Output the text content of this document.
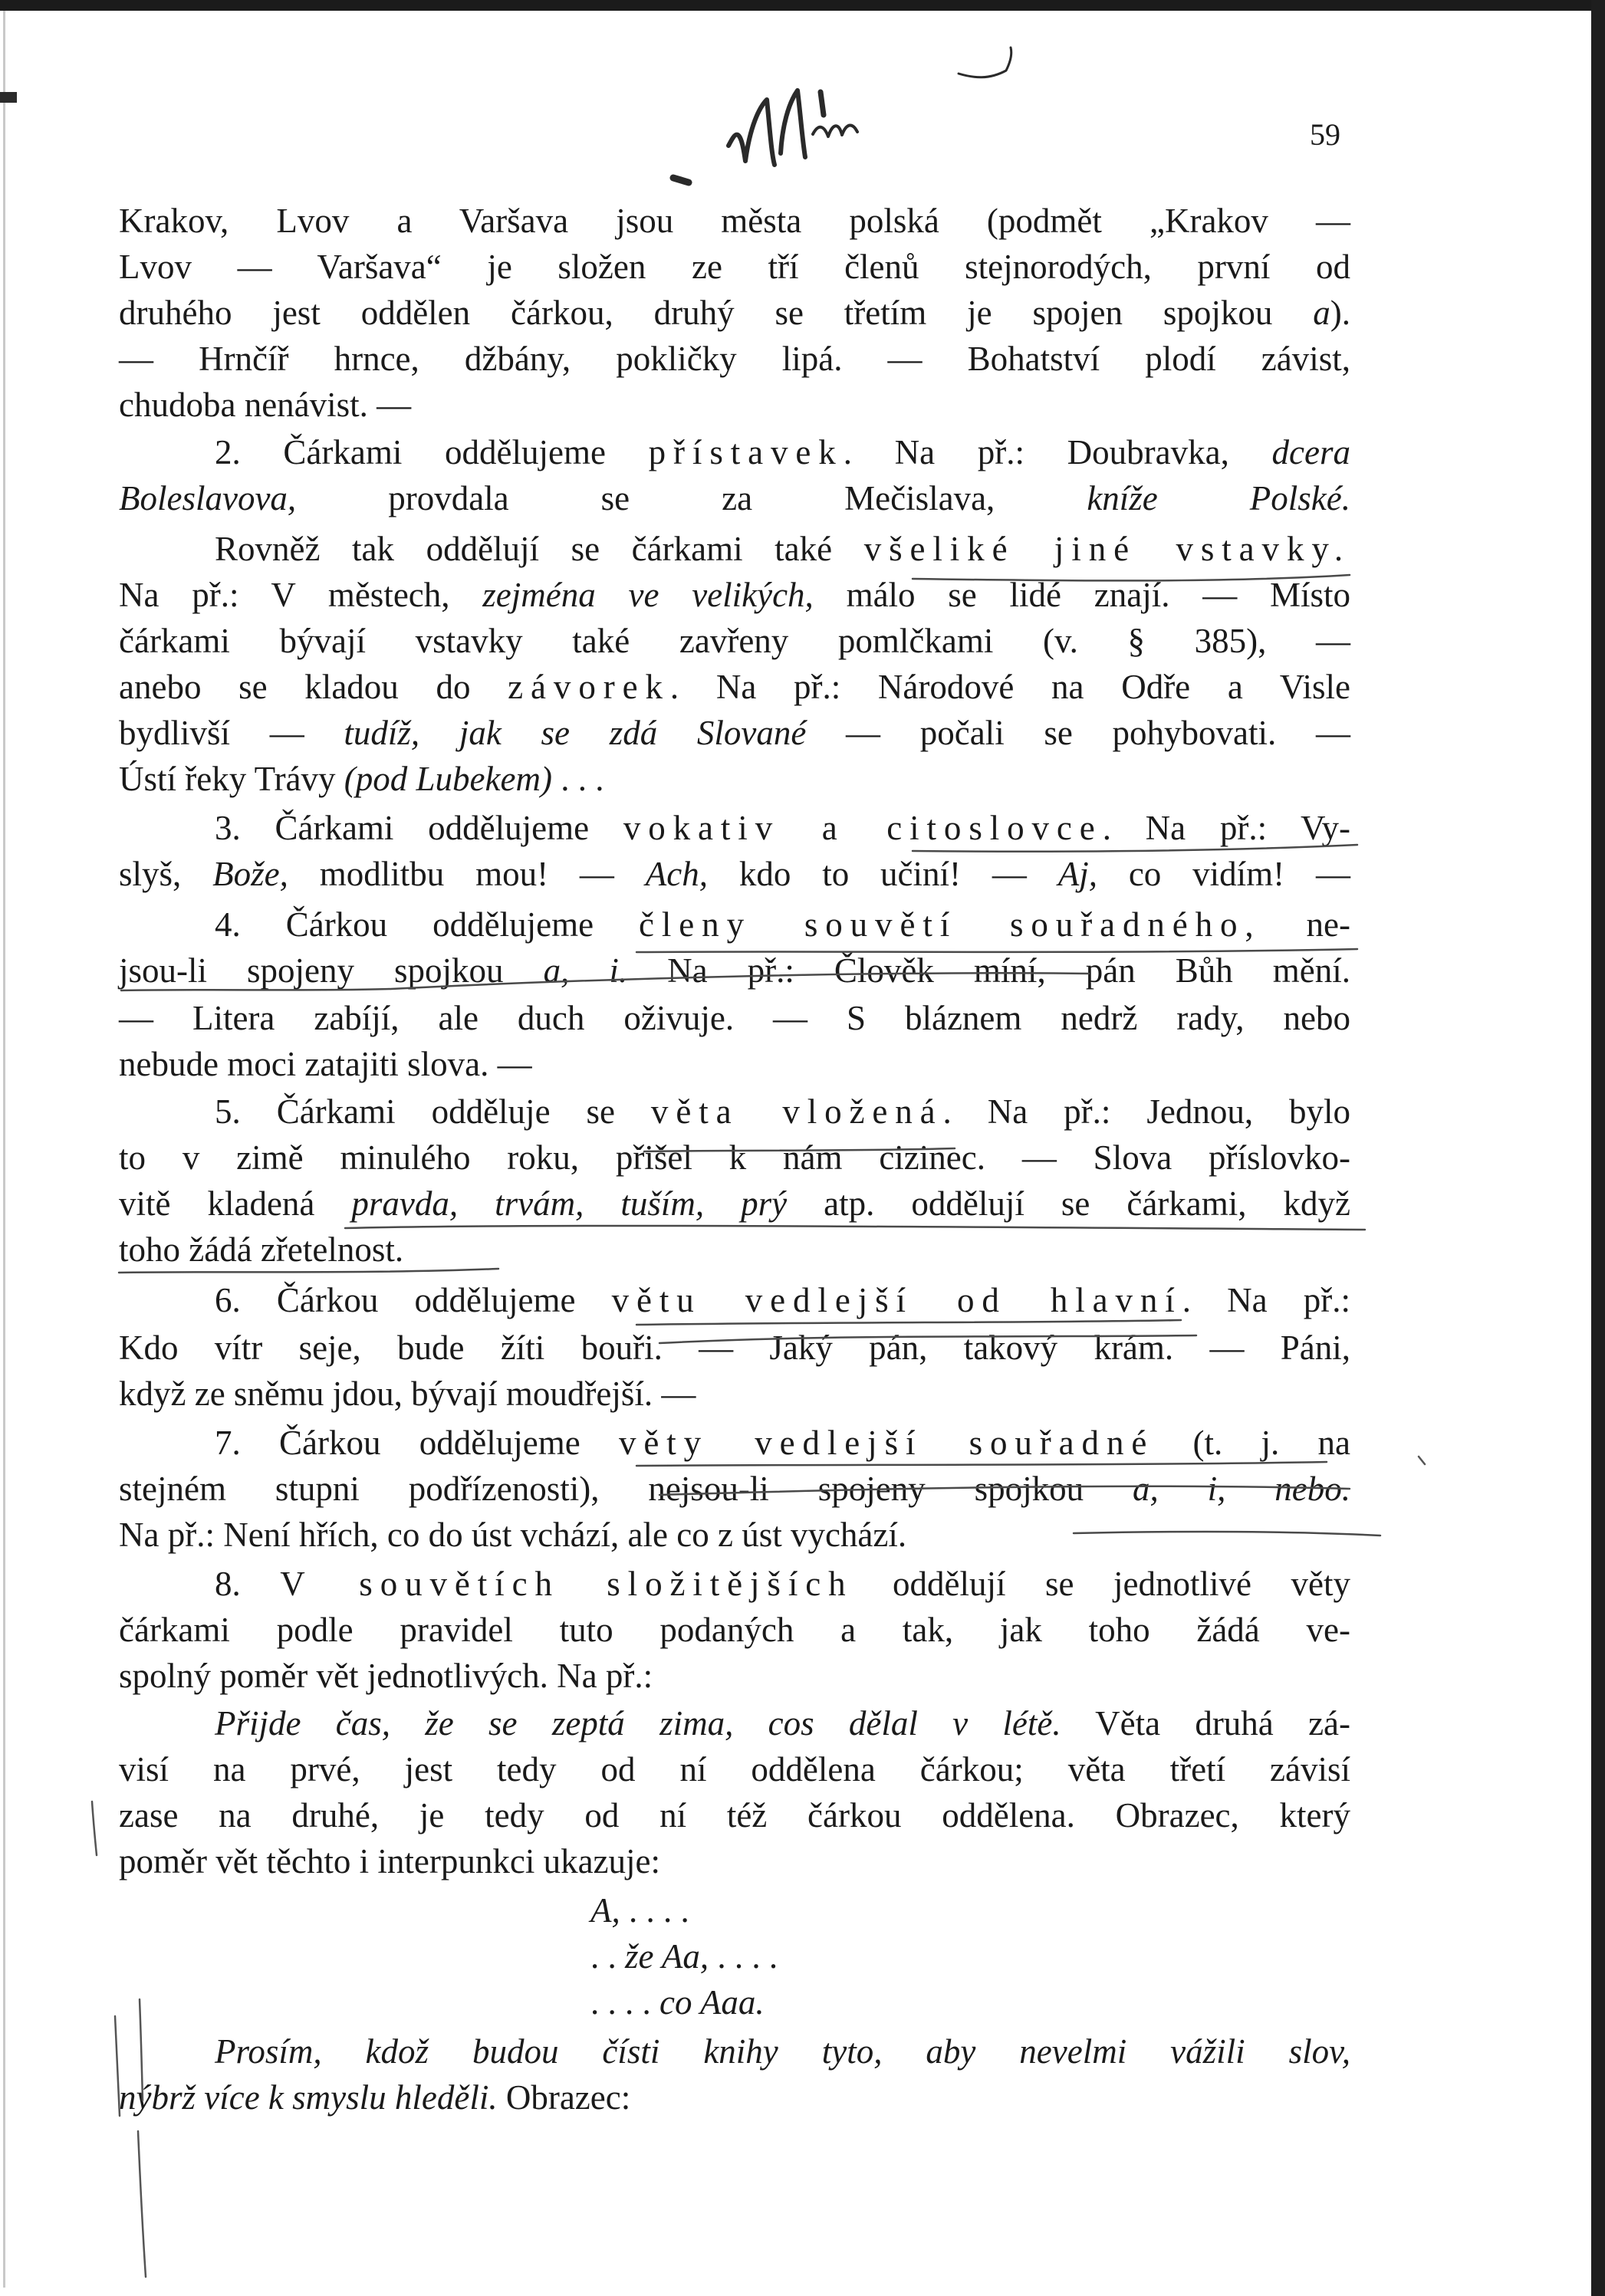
59
Krakov, Lvov a Varšava jsou města polská (podmět „Krakov —
Lvov — Varšava“ je složen ze tří členů stejnorodých, první od
druhého jest oddělen čárkou, druhý se třetím je spojen spojkou a).
— Hrnčíř hrnce, džbány, pokličky lipá. — Bohatství plodí závist,
chudoba nenávist. —
2. Čárkami oddělujeme přístavek. Na př.: Doubravka, dcera
Boleslavova, provdala se za Mečislava, kníže Polské.
Rovněž tak oddělují se čárkami také všeliké jiné vstavky.
Na př.: V městech, zejména ve velikých, málo se lidé znají. — Místo
čárkami bývají vstavky také zavřeny pomlčkami (v. § 385), —
anebo se kladou do závorek. Na př.: Národové na Odře a Visle
bydlivší — tudíž, jak se zdá Slované — počali se pohybovati. —
Ústí řeky Trávy (pod Lubekem) . . .
3. Čárkami oddělujeme vokativ a citoslovce. Na př.: Vy-
slyš, Bože, modlitbu mou! — Ach, kdo to učiní! — Aj, co vidím! —
4. Čárkou oddělujeme členy souvětí souřadného, ne-
jsou-li spojeny spojkou a, i. Na př.: Člověk míní, pán Bůh mění.
— Litera zabíjí, ale duch oživuje. — S bláznem nedrž rady, nebo
nebude moci zatajiti slova. —
5. Čárkami odděluje se věta vložená. Na př.: Jednou, bylo
to v zimě minulého roku, přišel k nám cizinec. — Slova příslovko-
vitě kladená pravda, trvám, tuším, prý atp. oddělují se čárkami, když
toho žádá zřetelnost.
6. Čárkou oddělujeme větu vedlejší od hlavní. Na př.:
Kdo vítr seje, bude žíti bouři. — Jaký pán, takový krám. — Páni,
když ze sněmu jdou, bývají moudřejší. —
7. Čárkou oddělujeme věty vedlejší souřadné (t. j. na
stejném stupni podřízenosti), nejsou-li spojeny spojkou a, i, nebo.
Na př.: Není hřích, co do úst vchází, ale co z úst vychází.
8. V souvětích složitějších oddělují se jednotlivé věty
čárkami podle pravidel tuto podaných a tak, jak toho žádá ve-
spolný poměr vět jednotlivých. Na př.:
Přijde čas, že se zeptá zima, cos dělal v létě. Věta druhá zá-
visí na prvé, jest tedy od ní oddělena čárkou; věta třetí závisí
zase na druhé, je tedy od ní též čárkou oddělena. Obrazec, který
poměr vět těchto i interpunkci ukazuje:
A, . . . .
. . že Aa, . . . .
. . . . co Aaa.
Prosím, kdož budou čísti knihy tyto, aby nevelmi vážili slov,
nýbrž více k smyslu hleděli. Obrazec:
